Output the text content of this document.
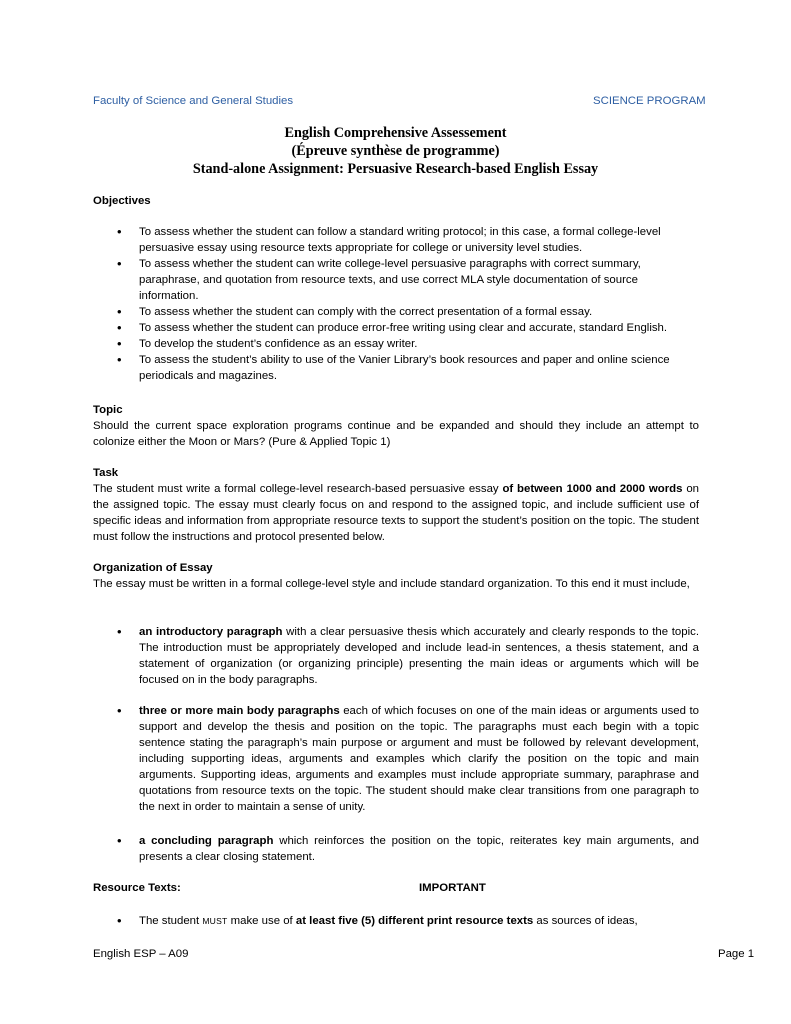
Faculty of Science and General Studies	SCIENCE PROGRAM
English Comprehensive Assessement
(Épreuve synthèse de programme)
Stand-alone Assignment: Persuasive Research-based English Essay
Objectives
• To assess whether the student can follow a standard writing protocol; in this case, a formal college-level persuasive essay using resource texts appropriate for college or university level studies.
• To assess whether the student can write college-level persuasive paragraphs with correct summary, paraphrase, and quotation from resource texts, and use correct MLA style documentation of source information.
• To assess whether the student can comply with the correct presentation of a formal essay.
• To assess whether the student can produce error-free writing using clear and accurate, standard English.
• To develop the student’s confidence as an essay writer.
• To assess the student’s ability to use of the Vanier Library’s book resources and paper and online science periodicals and magazines.
Topic
Should the current space exploration programs continue and be expanded and should they include an attempt to colonize either the Moon or Mars? (Pure & Applied Topic 1)
Task
The student must write a formal college-level research-based persuasive essay of between 1000 and 2000 words on the assigned topic. The essay must clearly focus on and respond to the assigned topic, and include sufficient use of specific ideas and information from appropriate resource texts to support the student’s position on the topic. The student must follow the instructions and protocol presented below.
Organization of Essay
The essay must be written in a formal college-level style and include standard organization. To this end it must include,
• an introductory paragraph with a clear persuasive thesis which accurately and clearly responds to the topic. The introduction must be appropriately developed and include lead-in sentences, a thesis statement, and a statement of organization (or organizing principle) presenting the main ideas or arguments which will be focused on in the body paragraphs.
• three or more main body paragraphs each of which focuses on one of the main ideas or arguments used to support and develop the thesis and position on the topic. The paragraphs must each begin with a topic sentence stating the paragraph’s main purpose or argument and must be followed by relevant development, including supporting ideas, arguments and examples which clarify the position on the topic and main arguments. Supporting ideas, arguments and examples must include appropriate summary, paraphrase and quotations from resource texts on the topic. The student should make clear transitions from one paragraph to the next in order to maintain a sense of unity.
• a concluding paragraph which reinforces the position on the topic, reiterates key main arguments, and presents a clear closing statement.
Resource Texts:	IMPORTANT
• The student MUST make use of at least five (5) different print resource texts as sources of ideas,
English ESP – A09	Page 1
